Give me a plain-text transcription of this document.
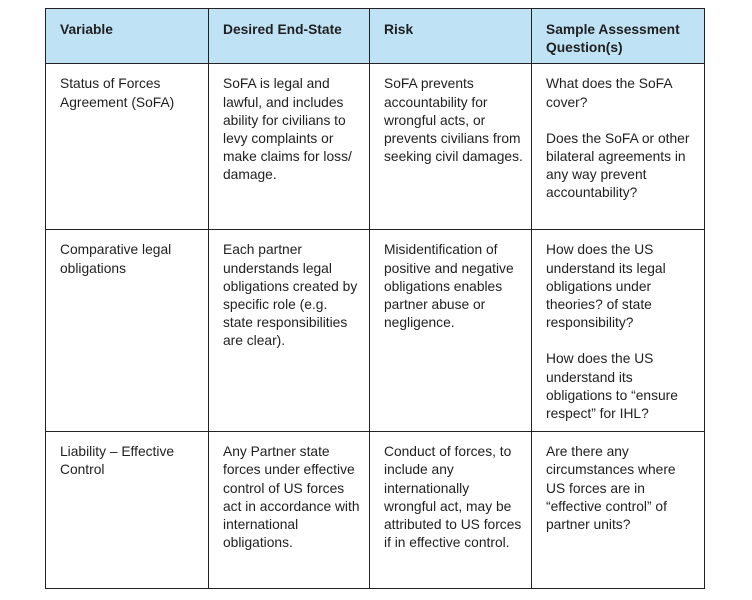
Variable	Desired End-State	Risk	Sample Assessment Question(s)
Status of Forces Agreement (SoFA)	SoFA is legal and lawful, and includes ability for civilians to levy complaints or make claims for loss/ damage.	SoFA prevents accountability for wrongful acts, or prevents civilians from seeking civil damages.	What does the SoFA cover?
Does the SoFA or other bilateral agreements in any way prevent accountability?

Comparative legal obligations	Each partner understands legal obligations created by specific role (e.g. state responsibilities are clear).	Misidentification of positive and negative obligations enables partner abuse or negligence.	How does the US understand its legal obligations under theories? of state responsibility?
How does the US understand its obligations to “ensure respect” for IHL?

Liability – Effective Control	Any Partner state forces under effective control of US forces act in accordance with international obligations.	Conduct of forces, to include any internationally wrongful act, may be attributed to US forces if in effective control.	Are there any circumstances where US forces are in “effective control” of partner units?
